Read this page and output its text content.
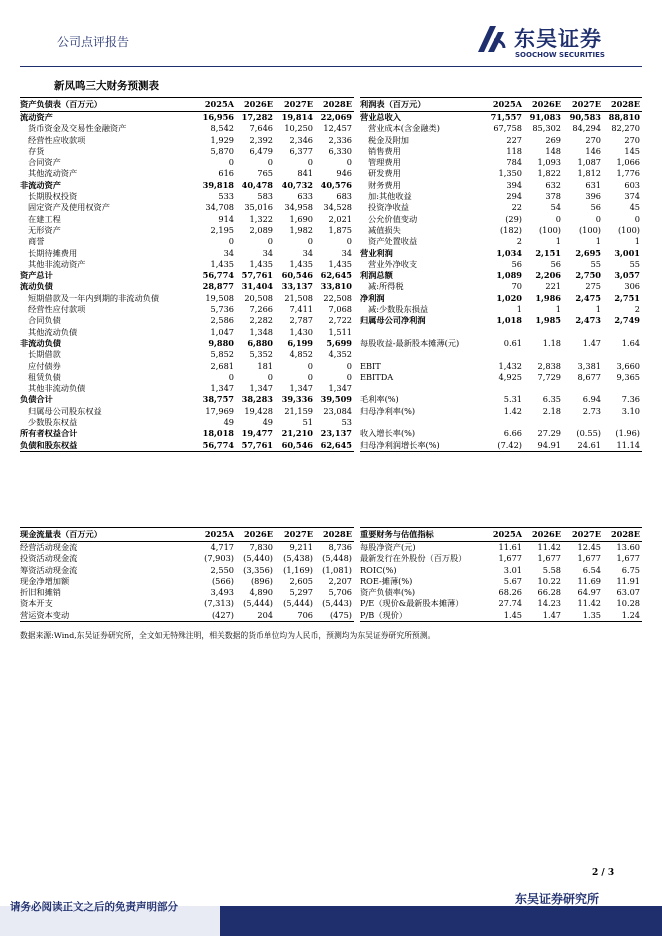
公司点评报告	东吴证券
SOOCHOW SECURITIES
新凤鸣三大财务预测表
资产负债表（百万元）	2025A	2026E	2027E	2028E
流动资产	16,956	17,282	19,814	22,069
货币资金及交易性金融资产	8,542	7,646	10,250	12,457
经营性应收款项	1,929	2,392	2,346	2,336
存货	5,870	6,479	6,377	6,330
合同资产	0	0	0	0
其他流动资产	616	765	841	946
非流动资产	39,818	40,478	40,732	40,576
长期股权投资	533	583	633	683
固定资产及使用权资产	34,708	35,016	34,958	34,528
在建工程	914	1,322	1,690	2,021
无形资产	2,195	2,089	1,982	1,875
商誉	0	0	0	0
长期待摊费用	34	34	34	34
其他非流动资产	1,435	1,435	1,435	1,435
资产总计	56,774	57,761	60,546	62,645
流动负债	28,877	31,404	33,137	33,810
短期借款及一年内到期的非流动负债	19,508	20,508	21,508	22,508
经营性应付款项	5,736	7,266	7,411	7,068
合同负债	2,586	2,282	2,787	2,722
其他流动负债	1,047	1,348	1,430	1,511
非流动负债	9,880	6,880	6,199	5,699
长期借款	5,852	5,352	4,852	4,352
应付债券	2,681	181	0	0
租赁负债	0	0	0	0
其他非流动负债	1,347	1,347	1,347	1,347
负债合计	38,757	38,283	39,336	39,509
归属母公司股东权益	17,969	19,428	21,159	23,084
少数股东权益	49	49	51	53
所有者权益合计	18,018	19,477	21,210	23,137
负债和股东权益	56,774	57,761	60,546	62,645
利润表（百万元）	2025A	2026E	2027E	2028E
营业总收入	71,557	91,083	90,583	88,810
营业成本(含金融类)	67,758	85,302	84,294	82,270
税金及附加	227	269	270	270
销售费用	118	148	146	145
管理费用	784	1,093	1,087	1,066
研发费用	1,350	1,822	1,812	1,776
财务费用	394	632	631	603
加:其他收益	294	378	396	374
投资净收益	22	54	56	45
公允价值变动	(29)	0	0	0
减值损失	(182)	(100)	(100)	(100)
资产处置收益	2	1	1	1
营业利润	1,034	2,151	2,695	3,001
营业外净收支	56	56	55	55
利润总额	1,089	2,206	2,750	3,057
减:所得税	70	221	275	306
净利润	1,020	1,986	2,475	2,751
减:少数股东损益	1	1	1	2
归属母公司净利润	1,018	1,985	2,473	2,749

每股收益-最新股本摊薄(元)	0.61	1.18	1.47	1.64

EBIT	1,432	2,838	3,381	3,660
EBITDA	4,925	7,729	8,677	9,365

毛利率(%)	5.31	6.35	6.94	7.36
归母净利率(%)	1.42	2.18	2.73	3.10

收入增长率(%)	6.66	27.29	(0.55)	(1.96)
归母净利润增长率(%)	(7.42)	94.91	24.61	11.14
现金流量表（百万元）	2025A	2026E	2027E	2028E
经营活动现金流	4,717	7,830	9,211	8,736
投资活动现金流	(7,903)	(5,440)	(5,438)	(5,448)
筹资活动现金流	2,550	(3,356)	(1,169)	(1,081)
现金净增加额	(566)	(896)	2,605	2,207
折旧和摊销	3,493	4,890	5,297	5,706
资本开支	(7,313)	(5,444)	(5,444)	(5,443)
营运资本变动	(427)	204	706	(475)
重要财务与估值指标	2025A	2026E	2027E	2028E
每股净资产(元)	11.61	11.42	12.45	13.60
最新发行在外股份（百万股）	1,677	1,677	1,677	1,677
ROIC(%)	3.01	5.58	6.54	6.75
ROE-摊薄(%)	5.67	10.22	11.69	11.91
资产负债率(%)	68.26	66.28	64.97	63.07
P/E（现价&最新股本摊薄）	27.74	14.23	11.42	10.28
P/B（现价）	1.45	1.47	1.35	1.24
数据来源:Wind,东吴证券研究所，全文如无特殊注明，相关数据的货币单位均为人民币，预测均为东吴证券研究所预测。
2 / 3
东吴证券研究所
请务必阅读正文之后的免责声明部分
